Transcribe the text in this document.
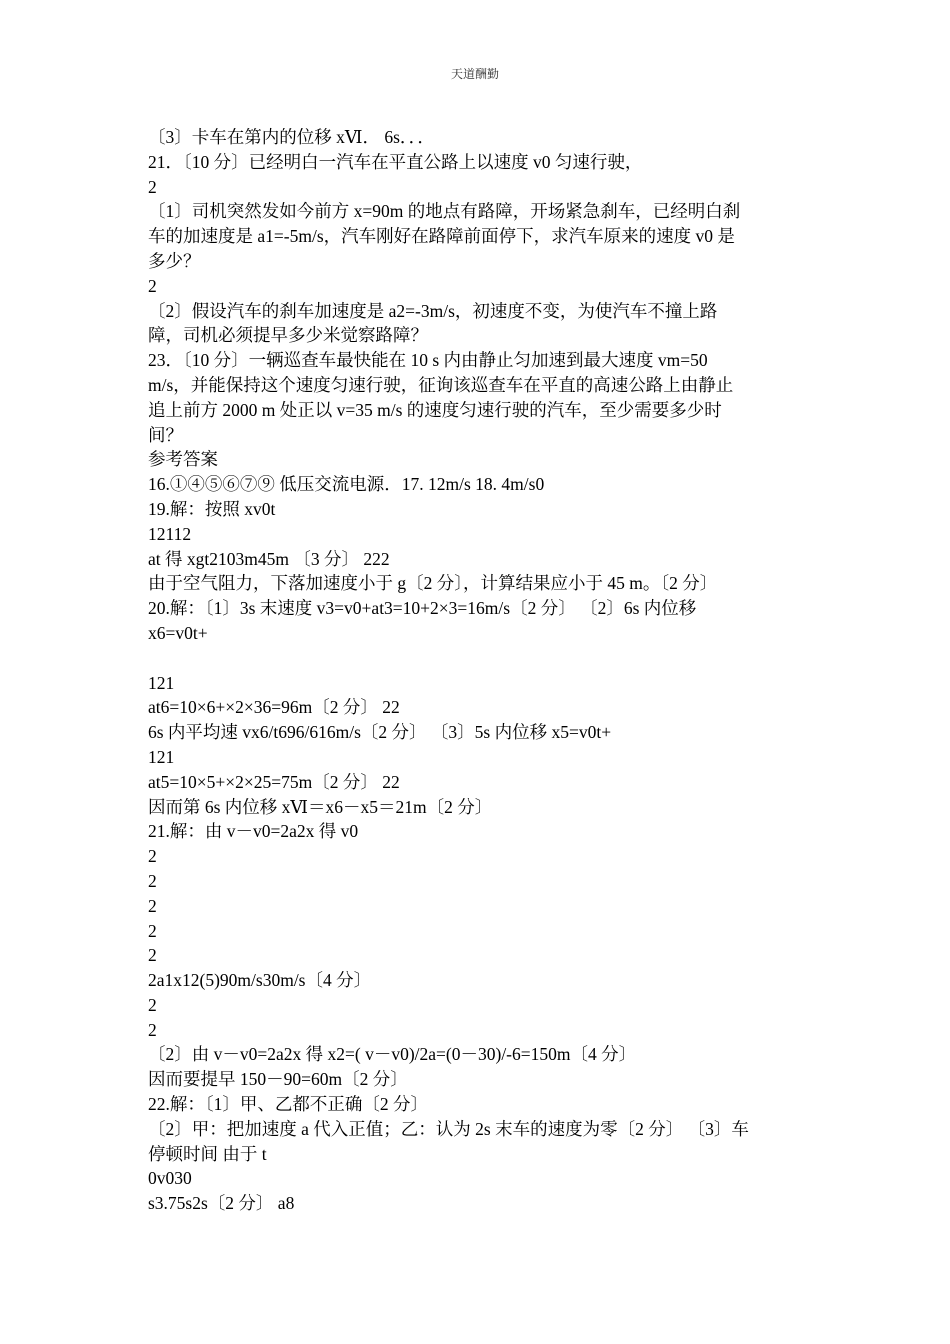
天道酬勤
〔3〕卡车在第内的位移 xⅥ． 6s．．．
21．〔10 分〕已经明白一汽车在平直公路上以速度 v0 匀速行驶，
2
〔1〕司机突然发如今前方 x=90m 的地点有路障，开场紧急刹车，已经明白刹
车的加速度是 a1=-5m/s，汽车刚好在路障前面停下，求汽车原来的速度 v0 是
多少？
2
〔2〕假设汽车的刹车加速度是 a2=-3m/s，初速度不变，为使汽车不撞上路
障，司机必须提早多少米觉察路障？
23．〔10 分〕一辆巡查车最快能在 10 s 内由静止匀加速到最大速度 vm=50
m/s，并能保持这个速度匀速行驶，征询该巡查车在平直的高速公路上由静止
追上前方 2000 m 处正以 v=35 m/s 的速度匀速行驶的汽车，至少需要多少时
间？
参考答案
16.①④⑤⑥⑦⑨ 低压交流电源．17. 12m/s 18. 4m/s0
19.解：按照 xv0t
12112
at 得 xgt2103m45m 〔3 分〕 222
由于空气阻力，下落加速度小于 g〔2 分〕，计算结果应小于 45 m。〔2 分〕
20.解：〔1〕3s 末速度 v3=v0+at3=10+2×3=16m/s〔2 分〕 〔2〕6s 内位移
x6=v0t+
121
at6=10×6+×2×36=96m〔2 分〕 22
6s 内平均速 vx6/t696/616m/s〔2 分〕 〔3〕5s 内位移 x5=v0t+
121
at5=10×5+×2×25=75m〔2 分〕 22
因而第 6s 内位移 xⅥ＝x6－x5＝21m〔2 分〕
21.解：由 v－v0=2a2x 得 v0
2
2
2
2
2
2a1x12(5)90m/s30m/s〔4 分〕
2
2
〔2〕由 v－v0=2a2x 得 x2=( v－v0)/2a=(0－30)/-6=150m〔4 分〕
因而要提早 150－90=60m〔2 分〕
22.解：〔1〕甲、乙都不正确〔2 分〕
〔2〕甲：把加速度 a 代入正值；乙：认为 2s 末车的速度为零〔2 分〕 〔3〕车
停顿时间 由于 t
0v030
s3.75s2s〔2 分〕 a8
